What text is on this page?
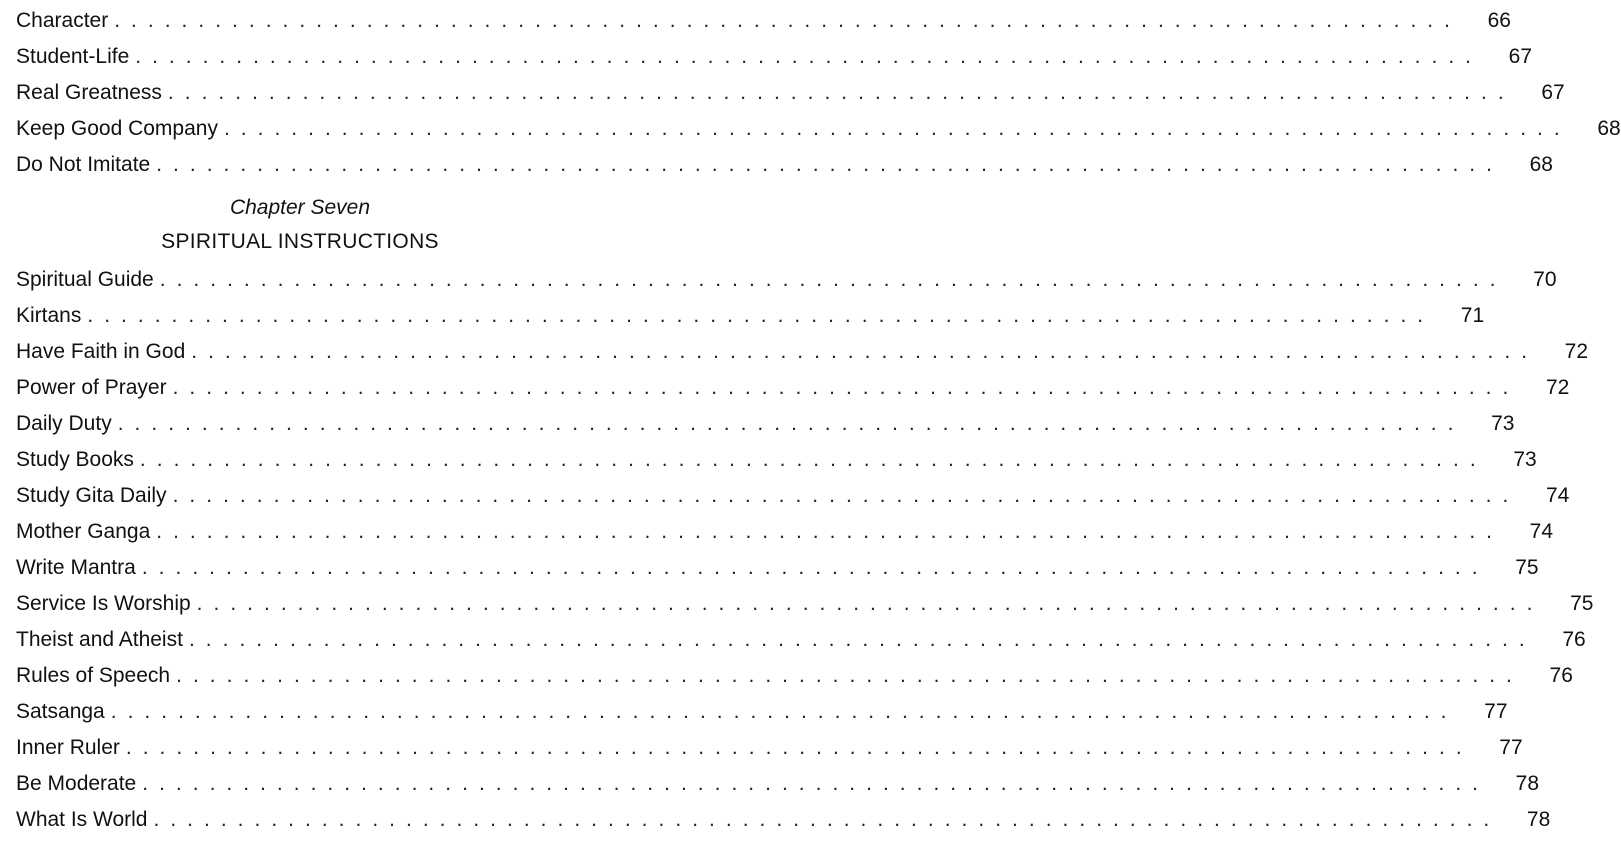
Character ................................................................................	66
Student-Life ................................................................................	67
Real Greatness ................................................................................	67
Keep Good Company ................................................................................	68
Do Not Imitate ................................................................................	68
Chapter Seven
SPIRITUAL INSTRUCTIONS
Spiritual Guide ................................................................................	70
Kirtans ................................................................................	71
Have Faith in God ................................................................................	72
Power of Prayer ................................................................................	72
Daily Duty ................................................................................	73
Study Books ................................................................................	73
Study Gita Daily ................................................................................	74
Mother Ganga ................................................................................	74
Write Mantra ................................................................................	75
Service Is Worship ................................................................................	75
Theist and Atheist ................................................................................	76
Rules of Speech ................................................................................	76
Satsanga ................................................................................	77
Inner Ruler ................................................................................	77
Be Moderate ................................................................................	78
What Is World ................................................................................	78
